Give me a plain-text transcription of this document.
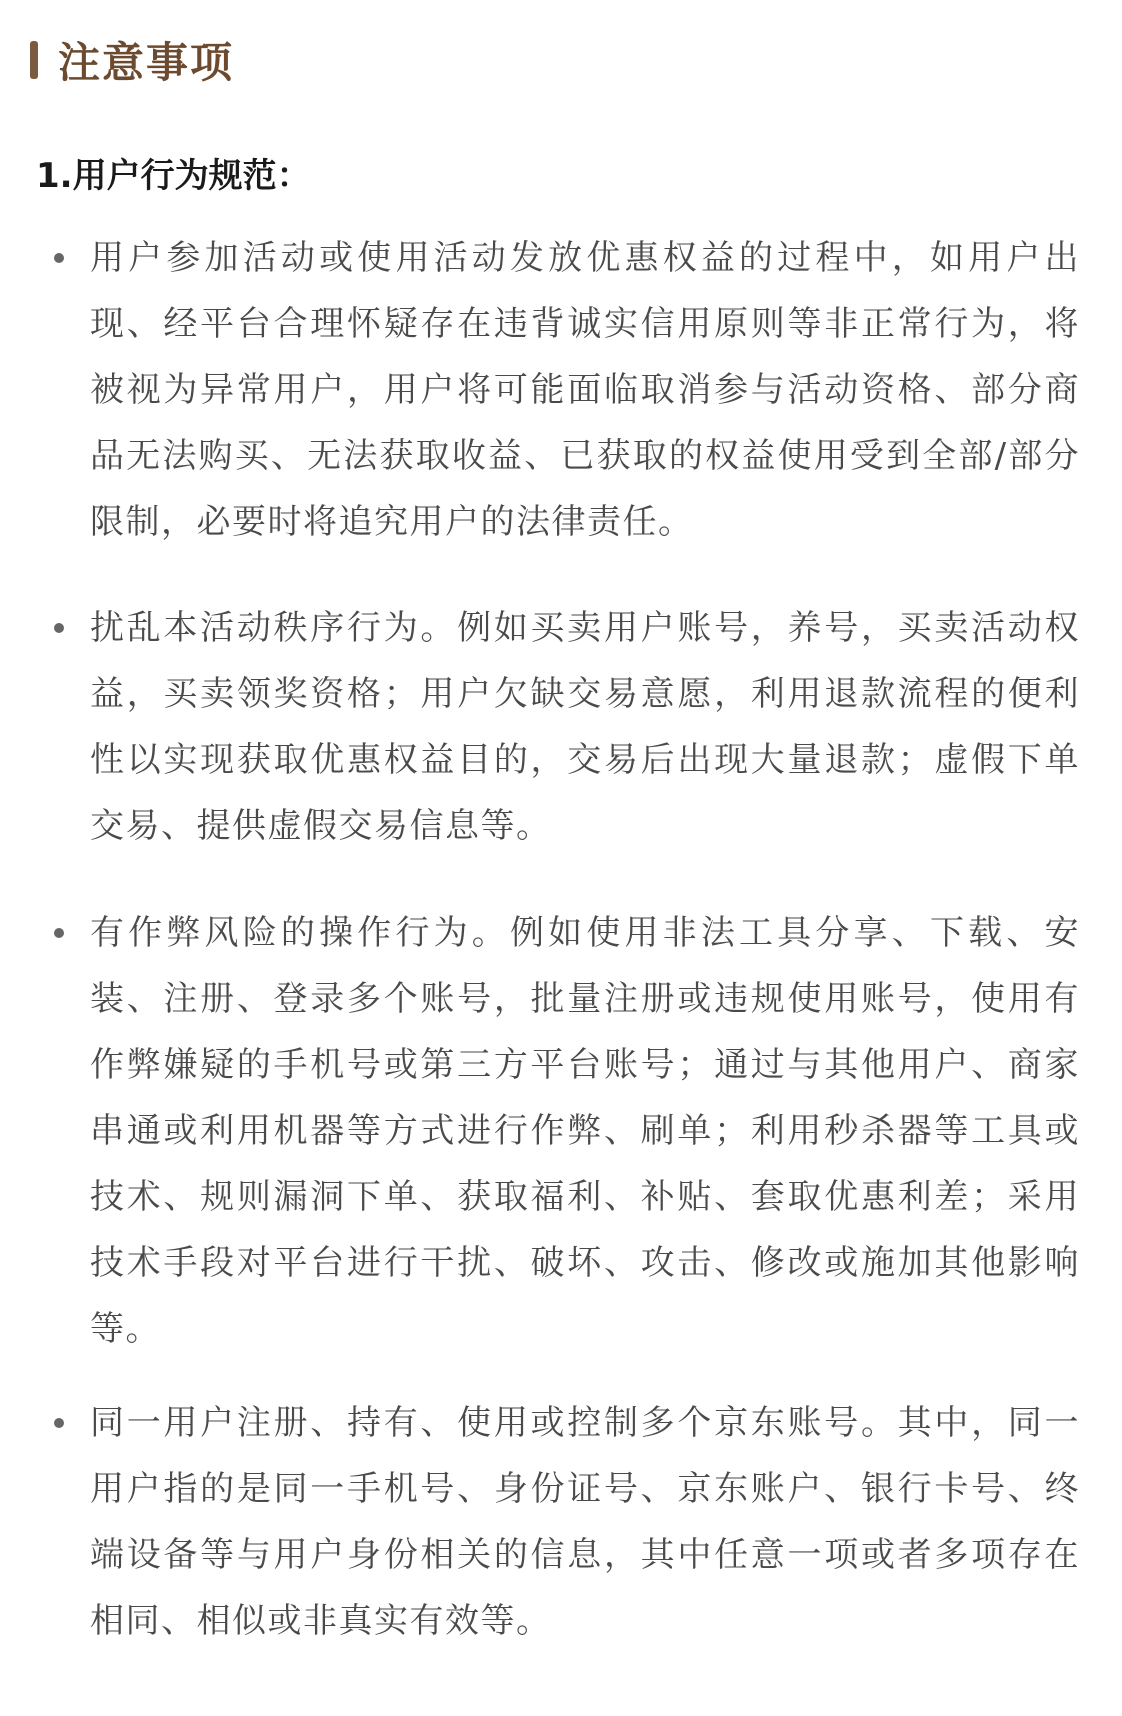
注意事项
1.用户行为规范：
用户参加活动或使用活动发放优惠权益的过程中，如用户出现、经平台合理怀疑存在违背诚实信用原则等非正常行为，将被视为异常用户，用户将可能面临取消参与活动资格、部分商品无法购买、无法获取收益、已获取的权益使用受到全部/部分限制，必要时将追究用户的法律责任。
扰乱本活动秩序行为。例如买卖用户账号，养号，买卖活动权益，买卖领奖资格；用户欠缺交易意愿，利用退款流程的便利性以实现获取优惠权益目的，交易后出现大量退款；虚假下单交易、提供虚假交易信息等。
有作弊风险的操作行为。例如使用非法工具分享、下载、安装、注册、登录多个账号，批量注册或违规使用账号，使用有作弊嫌疑的手机号或第三方平台账号；通过与其他用户、商家串通或利用机器等方式进行作弊、刷单；利用秒杀器等工具或技术、规则漏洞下单、获取福利、补贴、套取优惠利差；采用技术手段对平台进行干扰、破坏、攻击、修改或施加其他影响等。
同一用户注册、持有、使用或控制多个京东账号。其中，同一用户指的是同一手机号、身份证号、京东账户、银行卡号、终端设备等与用户身份相关的信息，其中任意一项或者多项存在相同、相似或非真实有效等。
